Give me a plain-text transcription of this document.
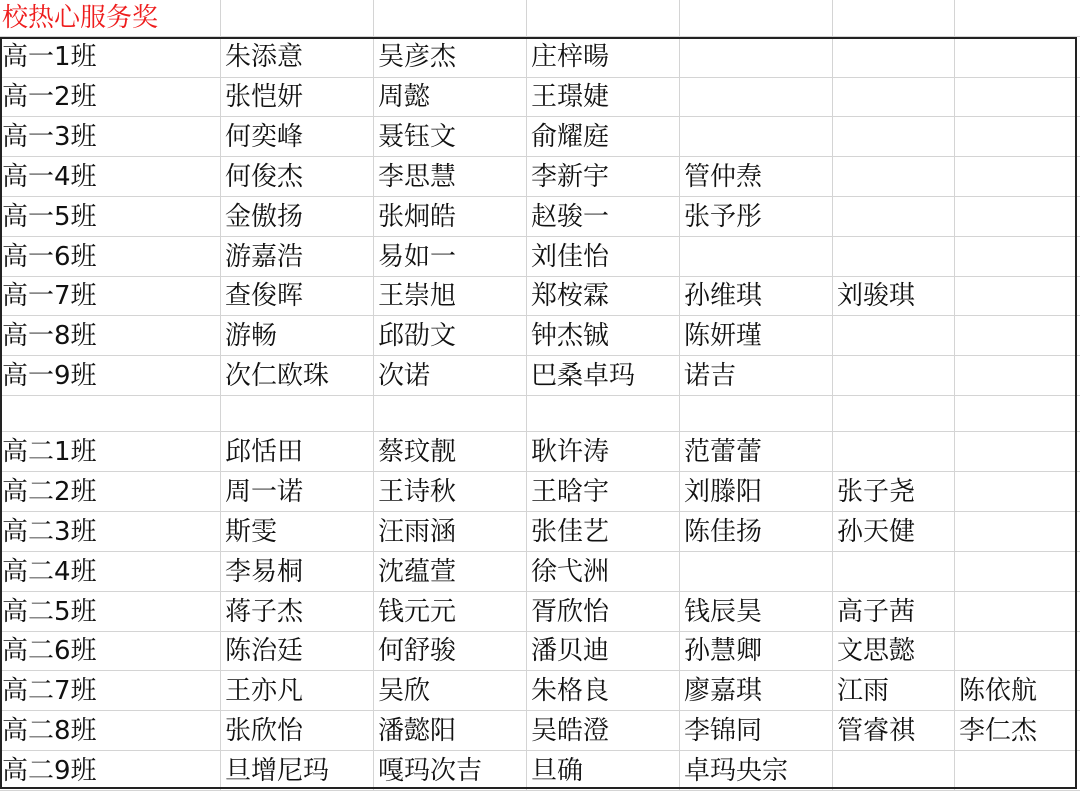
校热心服务奖
高一1班	朱添意	吴彦杰	庄梓暘
高一2班	张恺妍	周懿	王璟婕
高一3班	何奕峰	聂钰文	俞耀庭
高一4班	何俊杰	李思慧	李新宇	管仲焘
高一5班	金傲扬	张炯皓	赵骏一	张予彤
高一6班	游嘉浩	易如一	刘佳怡
高一7班	查俊晖	王崇旭	郑桉霖	孙维琪	刘骏琪
高一8班	游畅	邱劭文	钟杰铖	陈妍瑾
高一9班	次仁欧珠	次诺	巴桑卓玛	诺吉
高二1班	邱恬田	蔡玟靓	耿许涛	范蕾蕾
高二2班	周一诺	王诗秋	王晗宇	刘滕阳	张子尧
高二3班	斯雯	汪雨涵	张佳艺	陈佳扬	孙天健
高二4班	李易桐	沈蕴萱	徐弋洲
高二5班	蒋子杰	钱元元	胥欣怡	钱辰昊	高子茜
高二6班	陈治廷	何舒骏	潘贝迪	孙慧卿	文思懿
高二7班	王亦凡	吴欣	朱格良	廖嘉琪	江雨	陈依航
高二8班	张欣怡	潘懿阳	吴皓澄	李锦同	管睿祺	李仁杰
高二9班	旦增尼玛	嘎玛次吉	旦确	卓玛央宗
